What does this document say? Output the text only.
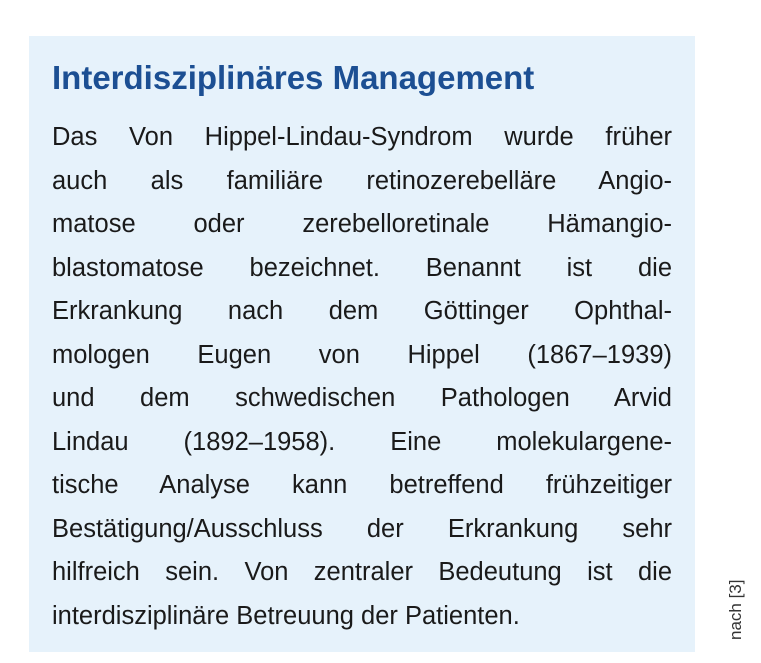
Interdisziplinäres Management

Das Von Hippel-Lindau-Syndrom wurde früher
auch als familiäre retinozerebelläre Angio-
matose oder zerebelloretinale Hämangio-
blastomatose bezeichnet. Benannt ist die
Erkrankung nach dem Göttinger Ophthal-
mologen Eugen von Hippel (1867–1939)
und dem schwedischen Pathologen Arvid
Lindau (1892–1958). Eine molekulargene-
tische Analyse kann betreffend frühzeitiger
Bestätigung/Ausschluss der Erkrankung sehr
hilfreich sein. Von zentraler Bedeutung ist die
interdisziplinäre Betreuung der Patienten.	nach [3]
